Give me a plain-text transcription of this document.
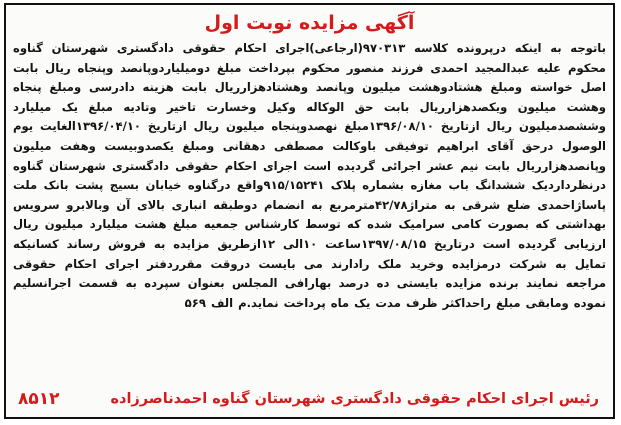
آگهی مزایده نوبت اول
باتوجه به اینکه درپرونده کلاسه ۹۷۰۳۱۳(ارجاعی)اجرای احکام حقوقی دادگستری شهرستان گناوه محکوم علیه عبدالمجید احمدی فرزند منصور محکوم بپرداخت مبلغ دومیلیاردوپانصد وپنجاه ریال بابت اصل خواسته ومبلغ هشتادوهشت میلیون وپانصد وهشتادهزارریال بابت هزینه دادرسی ومبلغ پنجاه وهشت میلیون ویکصدهزارریال بابت حق الوکاله وکیل وخسارت تاخیر وتادیه مبلغ یک میلیارد وششصدمیلیون ریال ازتاریخ ۱۳۹۶/۰۸/۱۰مبلغ نهصدوپنجاه میلیون ریال ازتاریخ ۱۳۹۶/۰۴/۱۰الغایت یوم الوصول درحق آقای ابراهیم توفیقی باوکالت مصطفی دهقانی ومبلغ یکصدوبیست وهفت میلیون وپانصدهزارریال بابت نیم عشر اجرائی گردیده است اجرای احکام حقوقی دادگستری شهرستان گناوه درنظرداردیک ششدانگ باب مغازه بشماره پلاک ۹۱۵/۱۵۲۴۱واقع درگناوه خیابان بسیج پشت بانک ملت پاساژاحمدی ضلع شرقی به متراژ۴۲/۷۸مترمربع به انضمام دوطبقه انباری بالای آن وبالابرو سرویس بهداشتی که بصورت کامی سرامیک شده که توسط کارشناس جمعیه مبلغ هشت میلیارد میلیون ریال ارزیابی گردیده است درتاریخ ۱۳۹۷/۰۸/۱۵ساعت ۱۰الی ۱۲ازطریق مزایده به فروش رساند کسانیکه تمایل به شرکت درمزایده وخرید ملک رادارند می بایست دروقت مقرردفتر اجرای احکام حقوقی مراجعه نمایند برنده مزایده بایستی ده درصد بهارافی المجلس بعنوان سپرده به قسمت اجرانسلیم نموده ومابقی مبلغ راحداکثر ظرف مدت یک ماه پرداخت نماید.م الف ۵۶۹
رئیس اجرای احکام حقوقی دادگستری شهرستان گناوه احمدناصرزاده
۸۵۱۲
